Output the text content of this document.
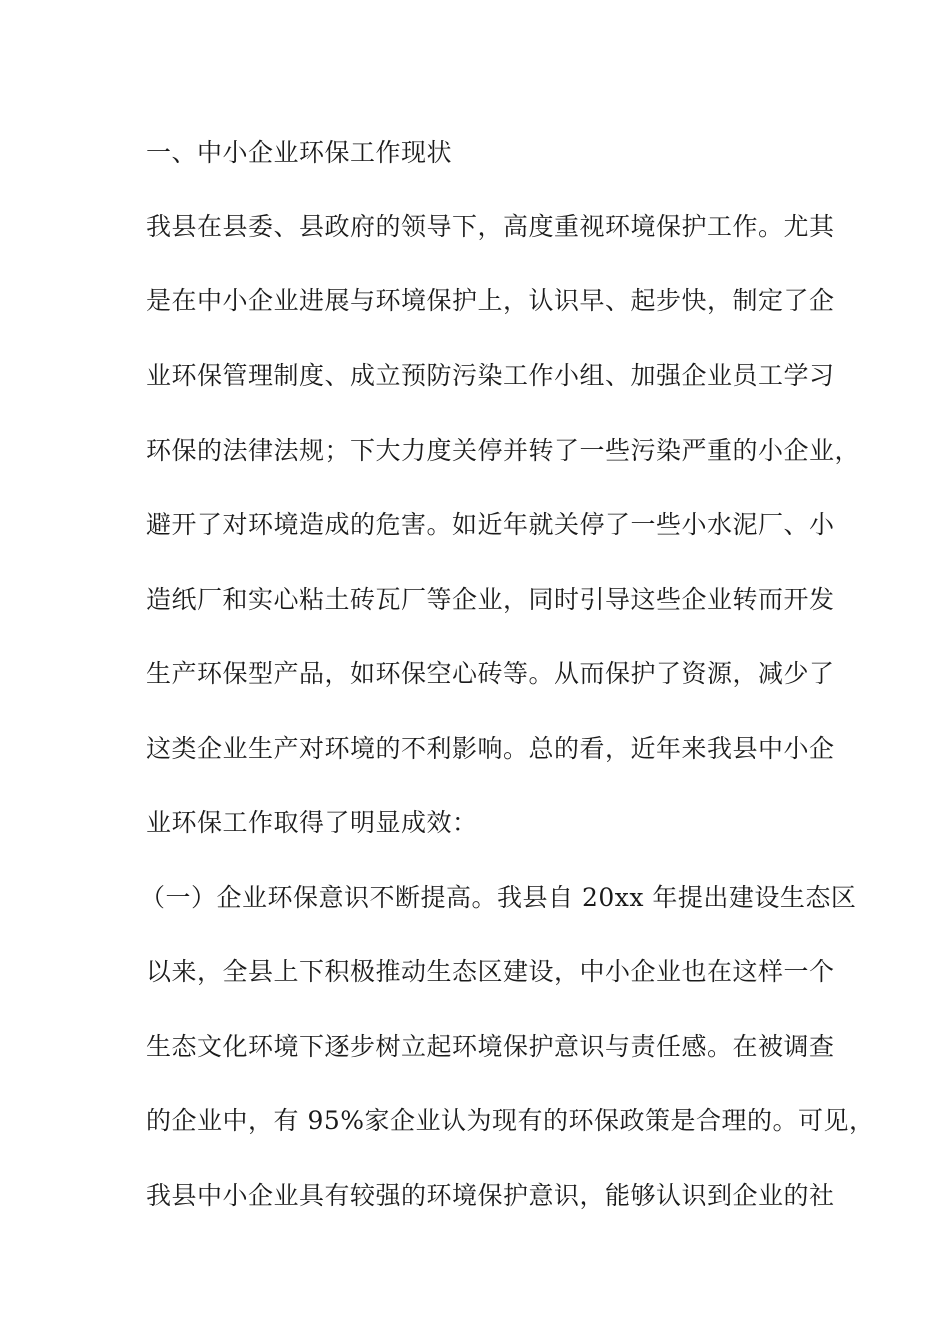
一、中小企业环保工作现状
我县在县委、县政府的领导下，高度重视环境保护工作。尤其
是在中小企业进展与环境保护上，认识早、起步快，制定了企
业环保管理制度、成立预防污染工作小组、加强企业员工学习
环保的法律法规；下大力度关停并转了一些污染严重的小企业，
避开了对环境造成的危害。如近年就关停了一些小水泥厂、小
造纸厂和实心粘土砖瓦厂等企业，同时引导这些企业转而开发
生产环保型产品，如环保空心砖等。从而保护了资源，减少了
这类企业生产对环境的不利影响。总的看，近年来我县中小企
业环保工作取得了明显成效：
（一）企业环保意识不断提高。我县自 20xx 年提出建设生态区
以来，全县上下积极推动生态区建设，中小企业也在这样一个
生态文化环境下逐步树立起环境保护意识与责任感。在被调查
的企业中，有 95%家企业认为现有的环保政策是合理的。可见，
我县中小企业具有较强的环境保护意识，能够认识到企业的社
